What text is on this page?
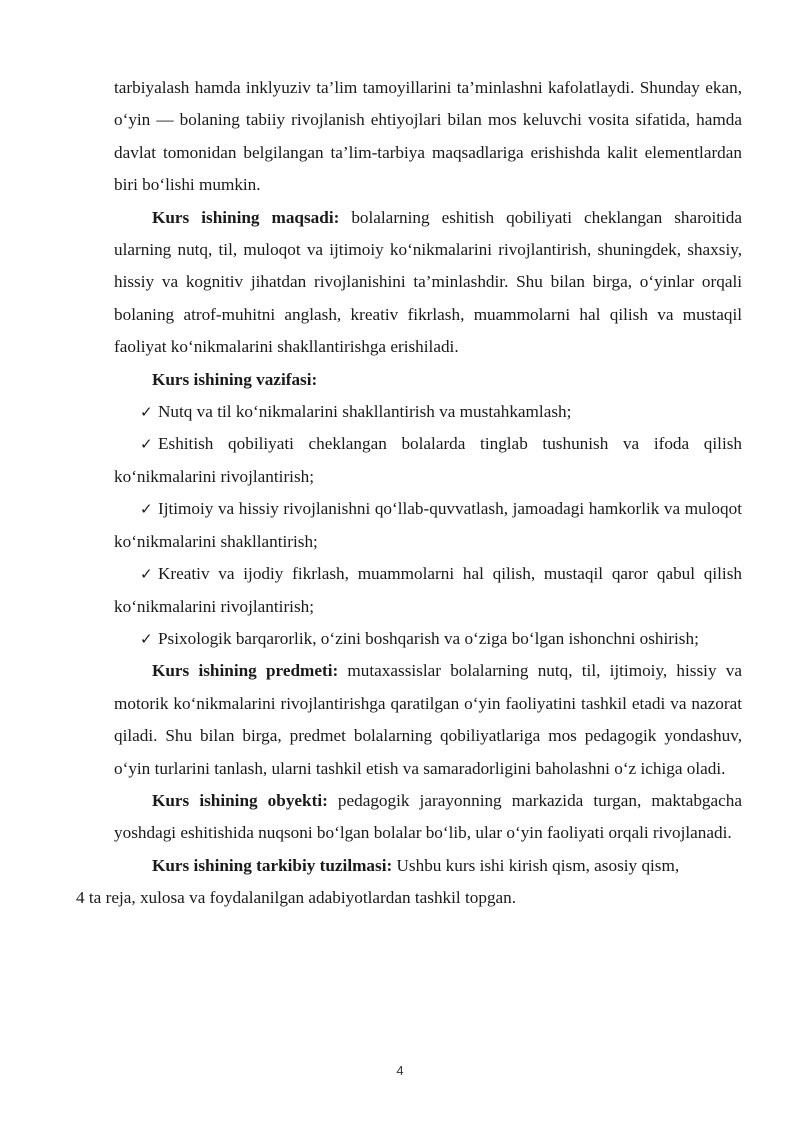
tarbiyalash hamda inklyuziv ta’lim tamoyillarini ta’minlashni kafolatlaydi. Shunday ekan, o‘yin — bolaning tabiiy rivojlanish ehtiyojlari bilan mos keluvchi vosita sifatida, hamda davlat tomonidan belgilangan ta’lim-tarbiya maqsadlariga erishishda kalit elementlardan biri bo‘lishi mumkin.

Kurs ishining maqsadi: bolalarning eshitish qobiliyati cheklangan sharoitida ularning nutq, til, muloqot va ijtimoiy ko‘nikmalarini rivojlantirish, shuningdek, shaxsiy, hissiy va kognitiv jihatdan rivojlanishini ta’minlashdir. Shu bilan birga, o‘yinlar orqali bolaning atrof-muhitni anglash, kreativ fikrlash, muammolarni hal qilish va mustaqil faoliyat ko‘nikmalarini shakllantirishga erishiladi.

Kurs ishining vazifasi:

✓ Nutq va til ko‘nikmalarini shakllantirish va mustahkamlash;

✓ Eshitish qobiliyati cheklangan bolalarda tinglab tushunish va ifoda qilish ko‘nikmalarini rivojlantirish;

✓ Ijtimoiy va hissiy rivojlanishni qo‘llab-quvvatlash, jamoadagi hamkorlik va muloqot ko‘nikmalarini shakllantirish;

✓ Kreativ va ijodiy fikrlash, muammolarni hal qilish, mustaqil qaror qabul qilish ko‘nikmalarini rivojlantirish;

✓ Psixologik barqarorlik, o‘zini boshqarish va o‘ziga bo‘lgan ishonchni oshirish;

Kurs ishining predmeti: mutaxassislar bolalarning nutq, til, ijtimoiy, hissiy va motorik ko‘nikmalarini rivojlantirishga qaratilgan o‘yin faoliyatini tashkil etadi va nazorat qiladi. Shu bilan birga, predmet bolalarning qobiliyatlariga mos pedagogik yondashuv, o‘yin turlarini tanlash, ularni tashkil etish va samaradorligini baholashni o‘z ichiga oladi.

Kurs ishining obyekti: pedagogik jarayonning markazida turgan, maktabgacha yoshdagi eshitishida nuqsoni bo‘lgan bolalar bo‘lib, ular o‘yin faoliyati orqali rivojlanadi.

Kurs ishining tarkibiy tuzilmasi: Ushbu kurs ishi kirish qism, asosiy qism,
4 ta reja, xulosa va foydalanilgan adabiyotlardan tashkil topgan.

4
